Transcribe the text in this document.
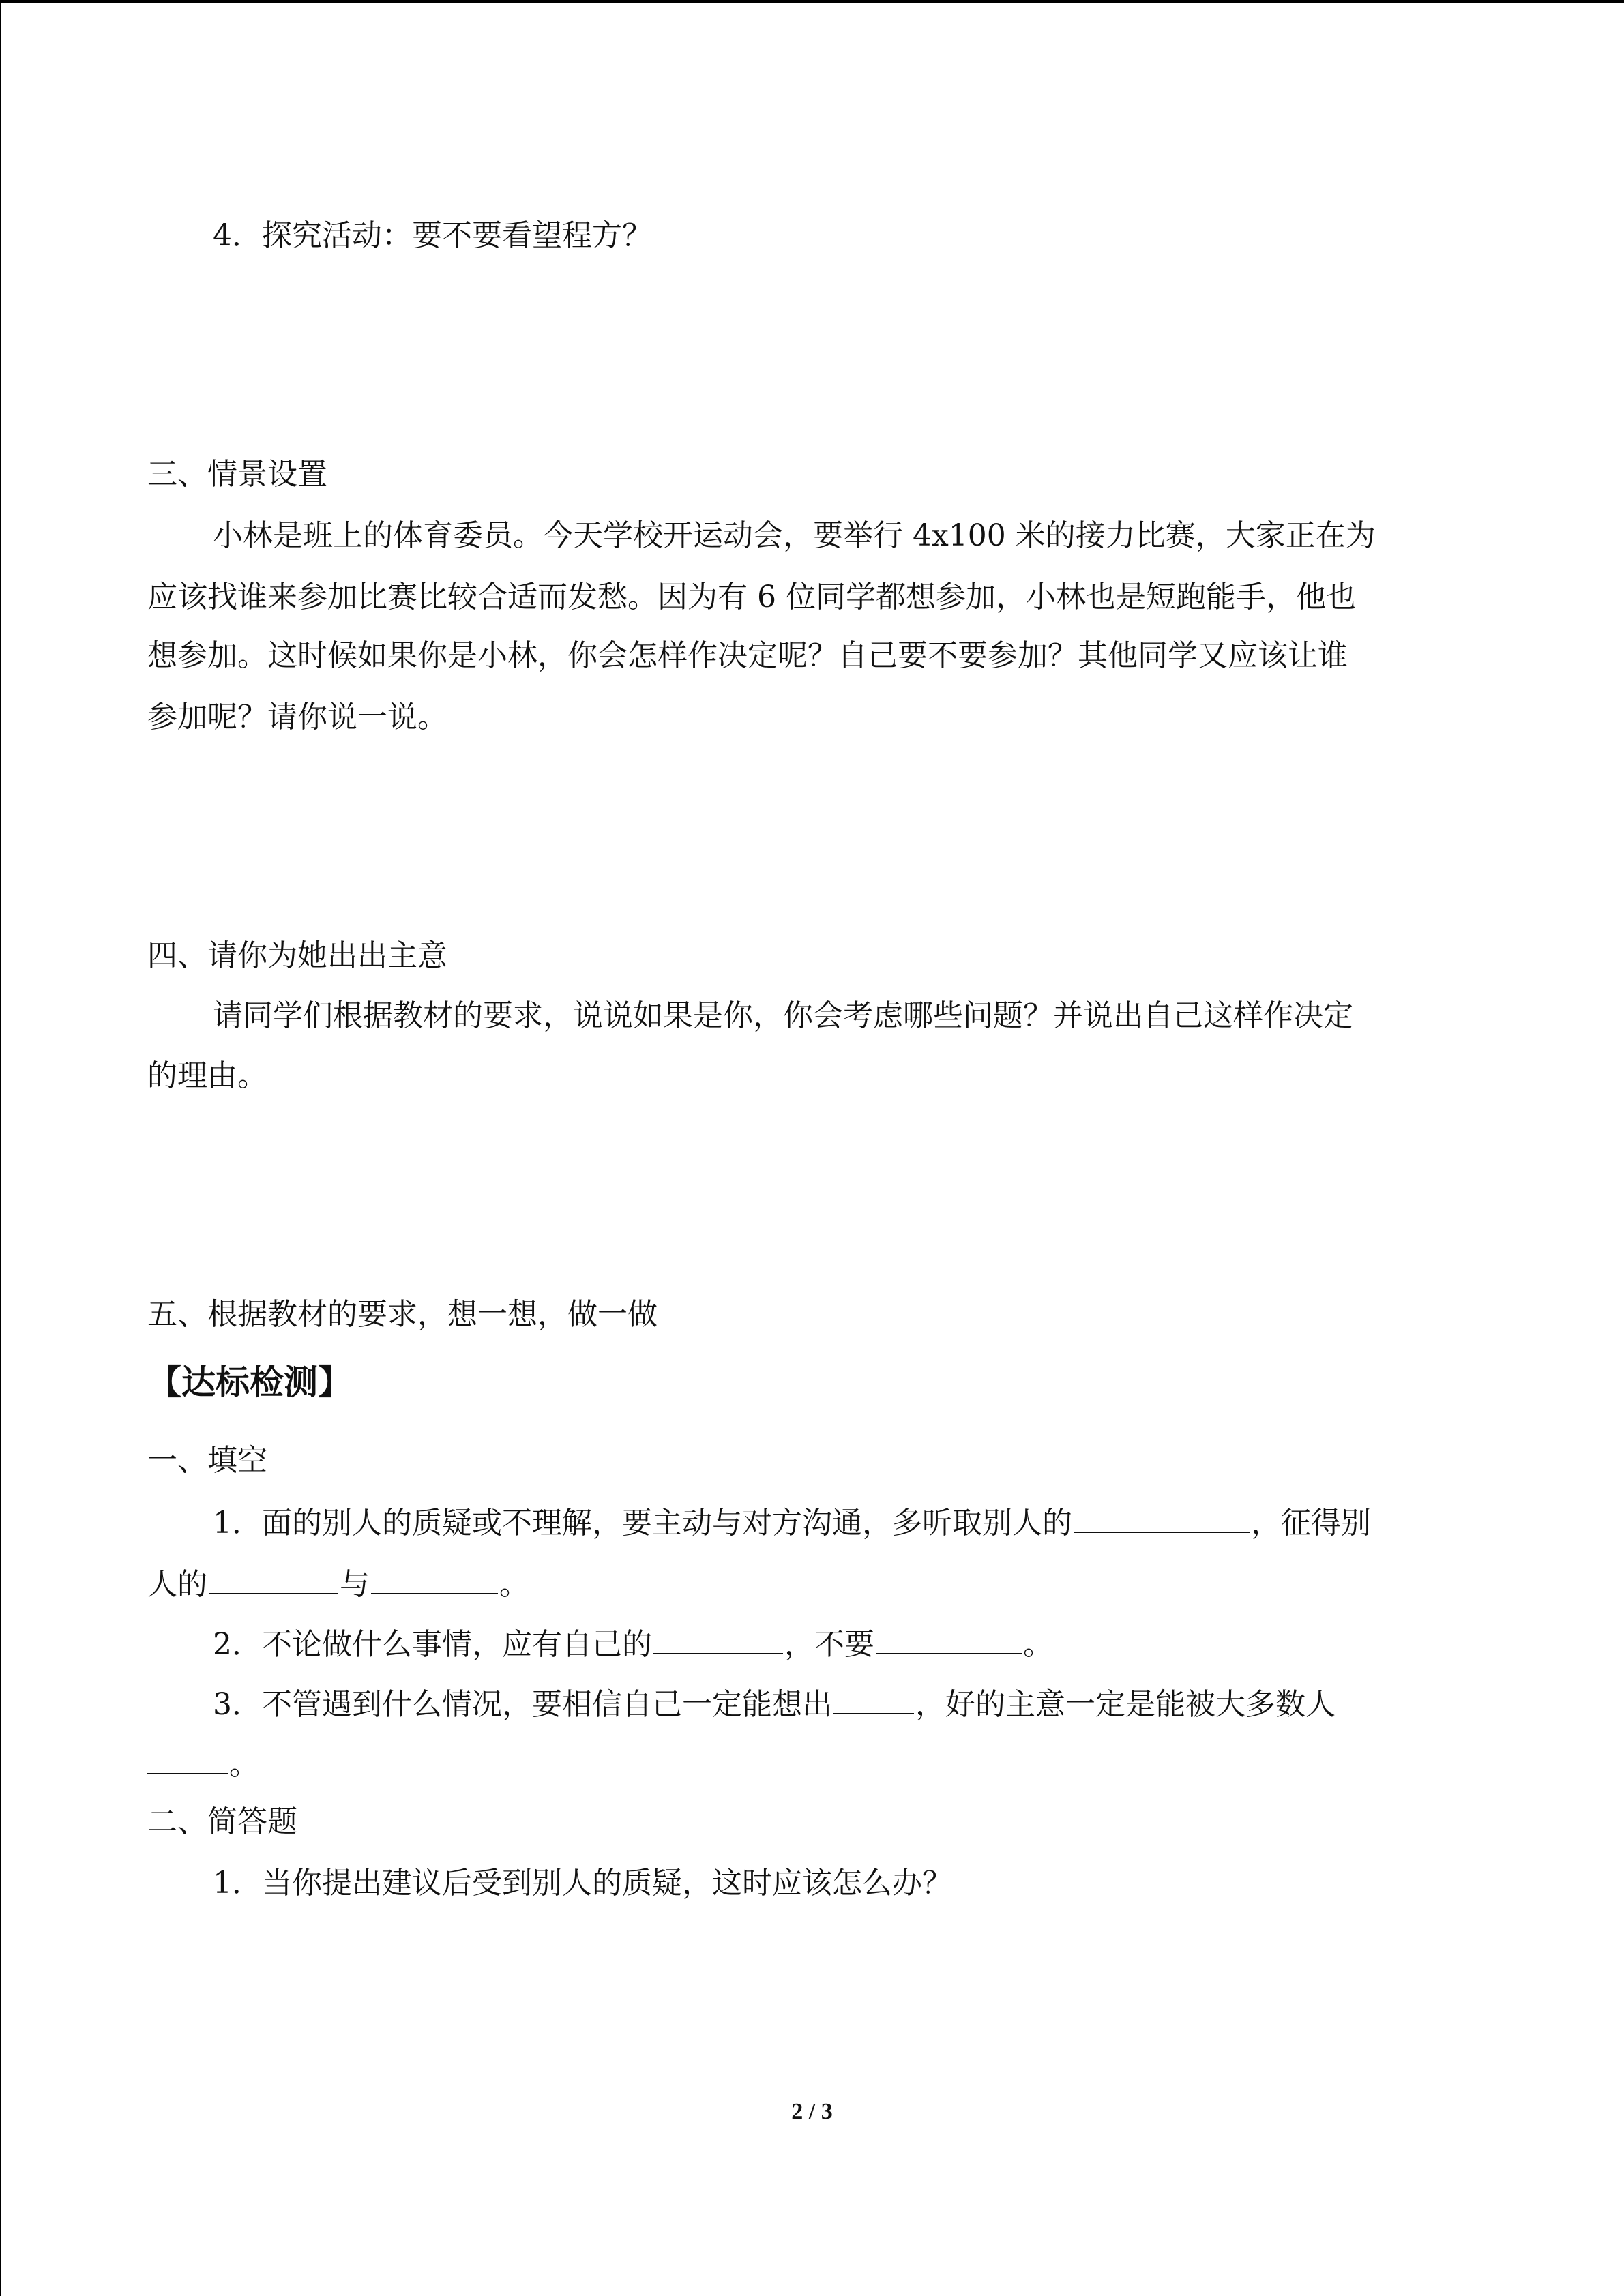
4．探究活动：要不要看望程方？
三、情景设置
小林是班上的体育委员。今天学校开运动会，要举行 4x100 米的接力比赛，大家正在为
应该找谁来参加比赛比较合适而发愁。因为有 6 位同学都想参加，小林也是短跑能手，他也
想参加。这时候如果你是小林，你会怎样作决定呢？自己要不要参加？其他同学又应该让谁
参加呢？请你说一说。
四、请你为她出出主意
请同学们根据教材的要求，说说如果是你，你会考虑哪些问题？并说出自己这样作决定
的理由。
五、根据教材的要求，想一想，做一做
【达标检测】
一、填空
1．面的别人的质疑或不理解，要主动与对方沟通，多听取别人的	，征得别
人的	与	。
2．不论做什么事情，应有自己的	，不要	。
3．不管遇到什么情况，要相信自己一定能想出	，好的主意一定是能被大多数人
。
二、简答题
1．当你提出建议后受到别人的质疑，这时应该怎么办？
2 / 3
